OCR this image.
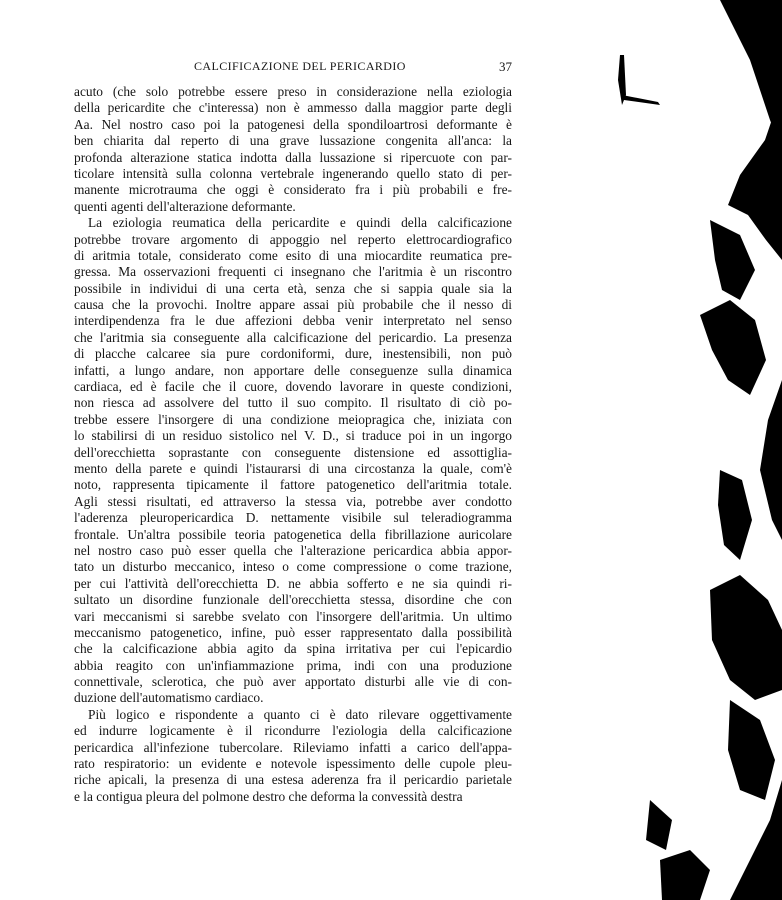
CALCIFICAZIONE DEL PERICARDIO	37
acuto (che solo potrebbe essere preso in considerazione nella eziologia
della pericardite che c'interessa) non è ammesso dalla maggior parte degli
Aa. Nel nostro caso poi la patogenesi della spondiloartrosi deformante è
ben chiarita dal reperto di una grave lussazione congenita all'anca: la
profonda alterazione statica indotta dalla lussazione si ripercuote con par-
ticolare intensità sulla colonna vertebrale ingenerando quello stato di per-
manente microtrauma che oggi è considerato fra i più probabili e fre-
quenti agenti dell'alterazione deformante.
La eziologia reumatica della pericardite e quindi della calcificazione
potrebbe trovare argomento di appoggio nel reperto elettrocardiografico
di aritmia totale, considerato come esito di una miocardite reumatica pre-
gressa. Ma osservazioni frequenti ci insegnano che l'aritmia è un riscontro
possibile in individui di una certa età, senza che si sappia quale sia la
causa che la provochi. Inoltre appare assai più probabile che il nesso di
interdipendenza fra le due affezioni debba venir interpretato nel senso
che l'aritmia sia conseguente alla calcificazione del pericardio. La presenza
di placche calcaree sia pure cordoniformi, dure, inestensibili, non può
infatti, a lungo andare, non apportare delle conseguenze sulla dinamica
cardiaca, ed è facile che il cuore, dovendo lavorare in queste condizioni,
non riesca ad assolvere del tutto il suo compito. Il risultato di ciò po-
trebbe essere l'insorgere di una condizione meiopragica che, iniziata con
lo stabilirsi di un residuo sistolico nel V. D., si traduce poi in un ingorgo
dell'orecchietta soprastante con conseguente distensione ed assottiglia-
mento della parete e quindi l'istaurarsi di una circostanza la quale, com'è
noto, rappresenta tipicamente il fattore patogenetico dell'aritmia totale.
Agli stessi risultati, ed attraverso la stessa via, potrebbe aver condotto
l'aderenza pleuropericardica D. nettamente visibile sul teleradiogramma
frontale. Un'altra possibile teoria patogenetica della fibrillazione auricolare
nel nostro caso può esser quella che l'alterazione pericardica abbia appor-
tato un disturbo meccanico, inteso o come compressione o come trazione,
per cui l'attività dell'orecchietta D. ne abbia sofferto e ne sia quindi ri-
sultato un disordine funzionale dell'orecchietta stessa, disordine che con
vari meccanismi si sarebbe svelato con l'insorgere dell'aritmia. Un ultimo
meccanismo patogenetico, infine, può esser rappresentato dalla possibilità
che la calcificazione abbia agito da spina irritativa per cui l'epicardio
abbia reagito con un'infiammazione prima, indi con una produzione
connettivale, sclerotica, che può aver apportato disturbi alle vie di con-
duzione dell'automatismo cardiaco.
Più logico e rispondente a quanto ci è dato rilevare oggettivamente
ed indurre logicamente è il ricondurre l'eziologia della calcificazione
pericardica all'infezione tubercolare. Rileviamo infatti a carico dell'appa-
rato respiratorio: un evidente e notevole ispessimento delle cupole pleu-
riche apicali, la presenza di una estesa aderenza fra il pericardio parietale
e la contigua pleura del polmone destro che deforma la convessità destra
